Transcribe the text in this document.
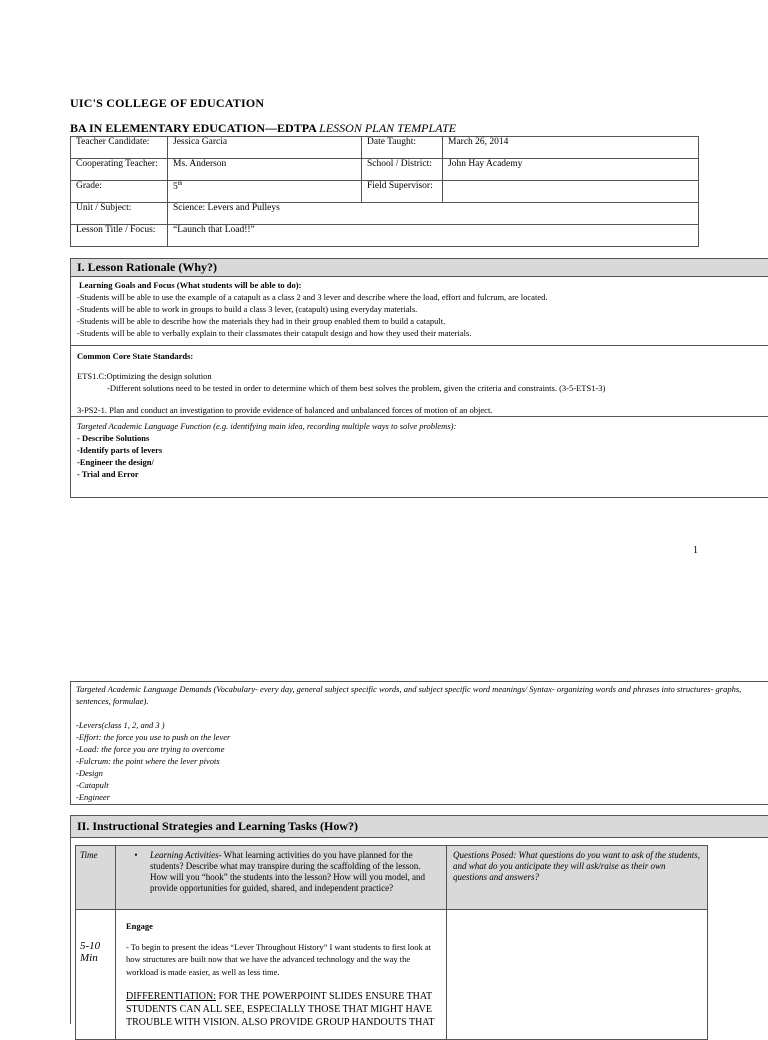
UIC'S COLLEGE OF EDUCATION
BA IN ELEMENTARY EDUCATION—EDTPA LESSON PLAN TEMPLATE
Teacher Candidate:	Jessica Garcia	Date Taught:	March 26, 2014
Cooperating Teacher:	Ms. Anderson	School / District:	John Hay Academy
Grade:	5th	Field Supervisor:	
Unit / Subject:	Science: Levers and Pulleys		
Lesson Title / Focus:	“Launch that Load!!”		
I. Lesson Rationale (Why?)
Learning Goals and Focus (What students will be able to do):
-Students will be able to use the example of a catapult as a class 2 and 3 lever and describe where the load, effort and fulcrum, are located.
-Students will be able to work in groups to build a class 3 lever, (catapult) using everyday materials.
-Students will be able to describe how the materials they had in their group enabled them to build a catapult.
-Students will be able to verbally explain to their classmates their catapult design and how they used their materials.
Common Core State Standards:
ETS1.C:Optimizing the design solution
-Different solutions need to be tested in order to determine which of them best solves the problem, given the criteria and constraints. (3-5-ETS1-3)
3-PS2-1. Plan and conduct an investigation to provide evidence of balanced and unbalanced forces of motion of an object.
Targeted Academic Language Function (e.g. identifying main idea, recording multiple ways to solve problems):
- Describe Solutions
-Identify parts of levers
-Engineer the design/
- Trial and Error
1
Targeted Academic Language Demands (Vocabulary- every day, general subject specific words, and subject specific word meanings/ Syntax- organizing words and phrases into structures- graphs, sentences, formulae).
-Levers(class 1, 2, and 3 )
-Effort: the force you use to push on the lever
-Load: the force you are trying to overcome
-Fulcrum: the point where the lever pivots
-Design
-Catapult
-Engineer
II. Instructional Strategies and Learning Tasks (How?)
Time	• Learning Activities- What learning activities do you have planned for the students? Describe what may transpire during the scaffolding of the lesson. How will you “hook” the students into the lesson? How will you model, and provide opportunities for guided, shared, and independent practice?	Questions Posed: What questions do you want to ask of the students, and what do you anticipate they will ask/raise as their own questions and answers?
5-10 Min	Engage
- To begin to present the ideas “Lever Throughout History” I want students to first look at how structures are built now that we have the advanced technology and the way the workload is made easier, as well as less time.
DIFFERENTIATION: FOR THE POWERPOINT SLIDES ENSURE THAT STUDENTS CAN ALL SEE, ESPECIALLY THOSE THAT MIGHT HAVE TROUBLE WITH VISION. ALSO PROVIDE GROUP HANDOUTS THAT	
